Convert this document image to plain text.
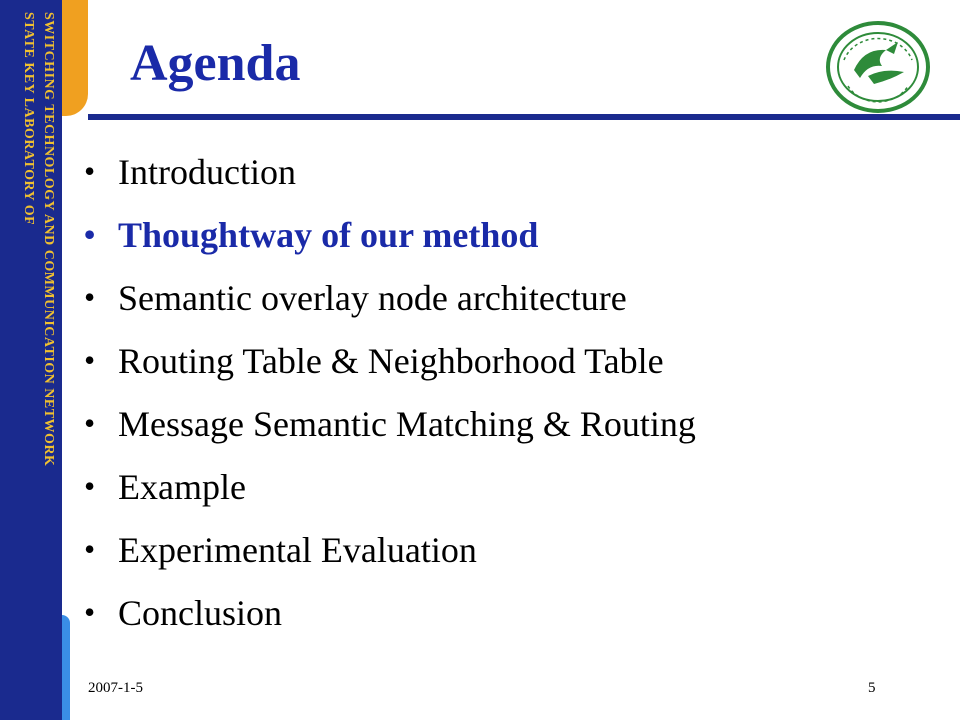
SWITCHING TECHNOLOGY AND COMMUNICATION NETWORK
STATE KEY LABORATORY OF Agenda
• Introduction
• Thoughtway of our method
• Semantic overlay node architecture
• Routing Table & Neighborhood Table
• Message Semantic Matching & Routing
• Example
• Experimental Evaluation
• Conclusion
2007-1-5	5
